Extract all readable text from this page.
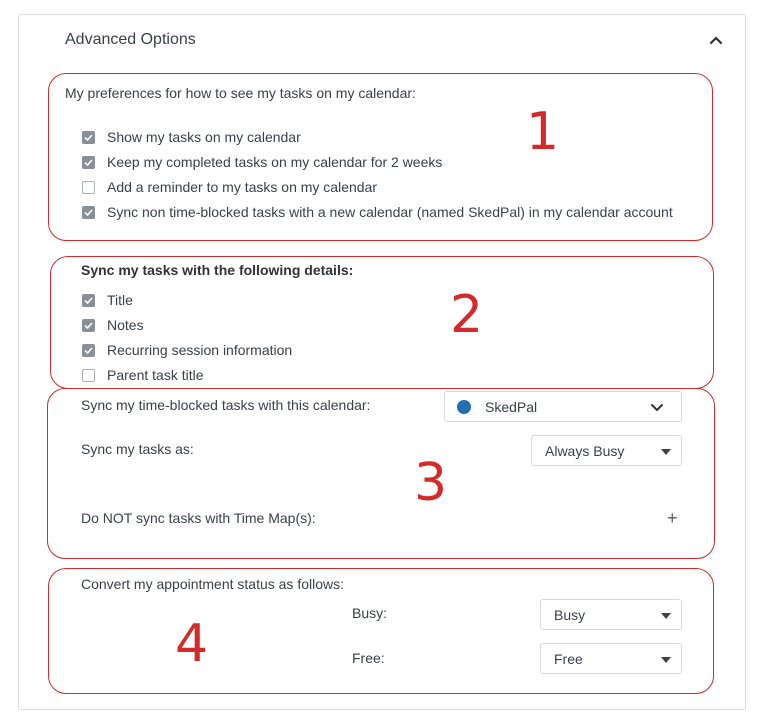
Advanced Options
1
My preferences for how to see my tasks on my calendar:
Show my tasks on my calendar
Keep my completed tasks on my calendar for 2 weeks
Add a reminder to my tasks on my calendar
Sync non time-blocked tasks with a new calendar (named SkedPal) in my calendar account
2
Sync my tasks with the following details:
Title
Notes
Recurring session information
Parent task title
3
Sync my time-blocked tasks with this calendar:	SkedPal
Sync my tasks as:	Always Busy
Do NOT sync tasks with Time Map(s):	+
4
Convert my appointment status as follows:
Busy:	Busy
Free:	Free
